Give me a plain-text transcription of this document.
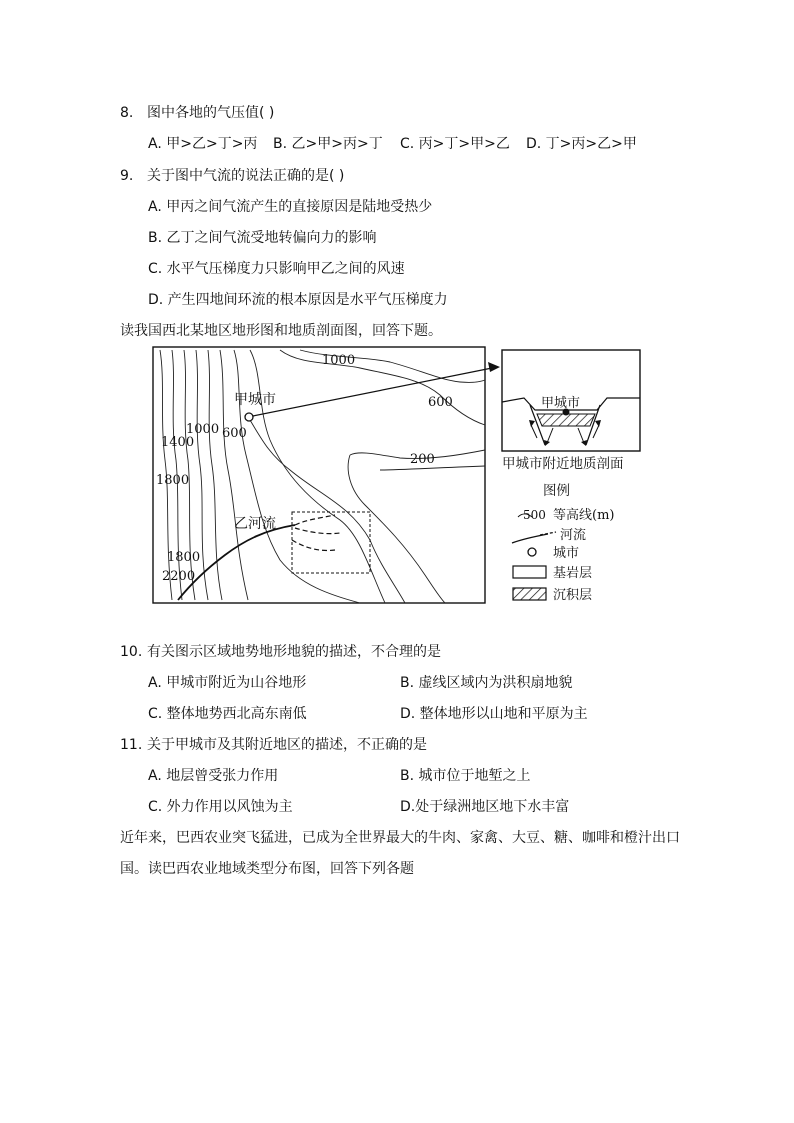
8. 图中各地的气压值( )
A. 甲>乙>丁>丙 B. 乙>甲>丙>丁 C. 丙>丁>甲>乙 D. 丁>丙>乙>甲
9. 关于图中气流的说法正确的是( )
A. 甲丙之间气流产生的直接原因是陆地受热少
B. 乙丁之间气流受地转偏向力的影响
C. 水平气压梯度力只影响甲乙之间的风速
D. 产生四地间环流的根本原因是水平气压梯度力
读我国西北某地区地形图和地质剖面图，回答下题。
1000
600
600
1000
1400
1800
200
1800
2200
甲城市
乙河流
甲城市
甲城市附近地质剖面
图例
500 等高线(m)
河流
城市
基岩层
沉积层
10. 有关图示区域地势地形地貌的描述，不合理的是
A. 甲城市附近为山谷地形	B. 虚线区域内为洪积扇地貌
C. 整体地势西北高东南低	D. 整体地形以山地和平原为主
11. 关于甲城市及其附近地区的描述，不正确的是
A. 地层曾受张力作用	B. 城市位于地堑之上
C. 外力作用以风蚀为主	D.处于绿洲地区地下水丰富
近年来，巴西农业突飞猛进，已成为全世界最大的牛肉、家禽、大豆、糖、咖啡和橙汁出口
国。读巴西农业地域类型分布图，回答下列各题
